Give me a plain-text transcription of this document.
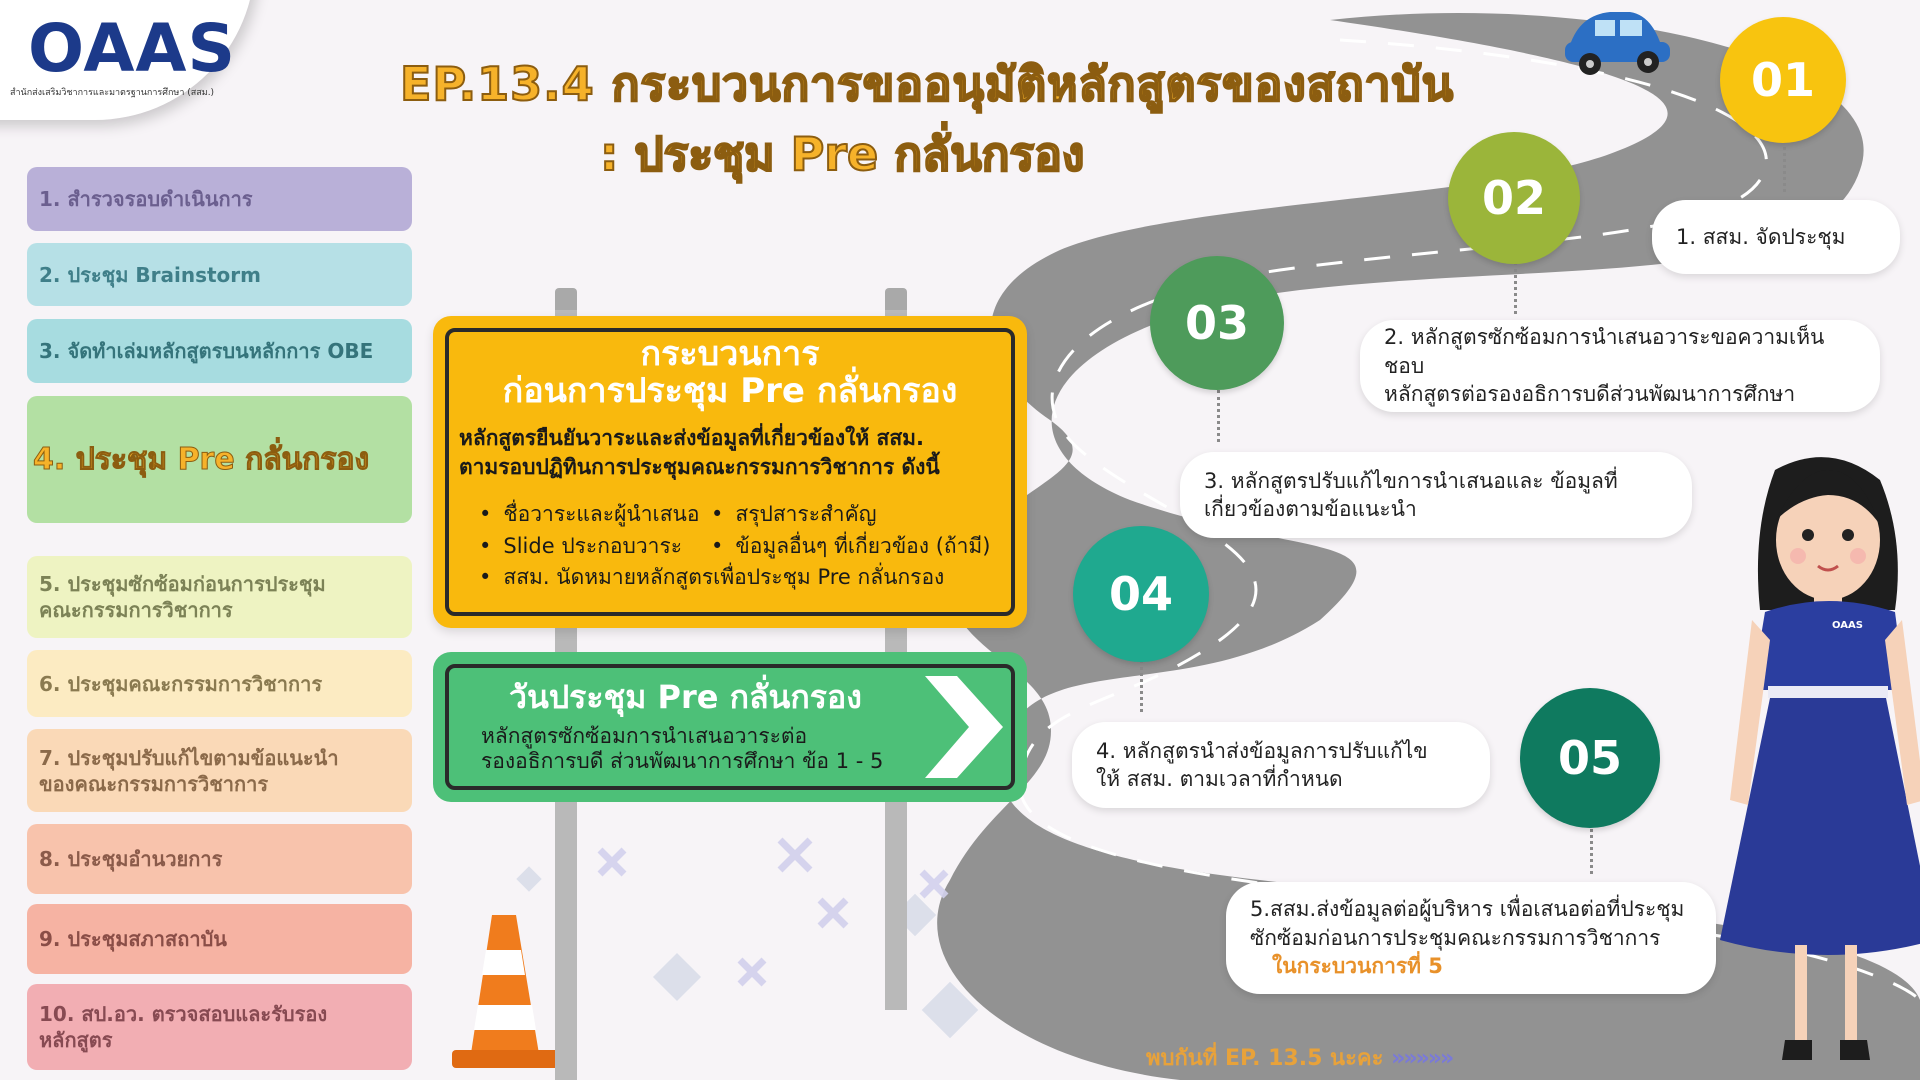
OAAS
สำนักส่งเสริมวิชาการและมาตรฐานการศึกษา (สสม.)	EP.13.4 กระบวนการขออนุมัติหลักสูตรของสถาบัน
: ประชุม Pre กลั่นกรอง
1. สำรวจรอบดำเนินการ
2. ประชุม Brainstorm
3. จัดทำเล่มหลักสูตรบนหลักการ OBE
4. ประชุม Pre กลั่นกรอง
5. ประชุมซักซ้อมก่อนการประชุม
คณะกรรมการวิชาการ
6. ประชุมคณะกรรมการวิชาการ
7. ประชุมปรับแก้ไขตามข้อแนะนำ
ของคณะกรรมการวิชาการ
8. ประชุมอำนวยการ
9. ประชุมสภาสถาบัน
10. สป.อว. ตรวจสอบและรับรอง
หลักสูตร
กระบวนการ
ก่อนการประชุม Pre กลั่นกรอง
หลักสูตรยืนยันวาระและส่งข้อมูลที่เกี่ยวข้องให้ สสม.
ตามรอบปฏิทินการประชุมคณะกรรมการวิชาการ ดังนี้
• ชื่อวาระและผู้นำเสนอ	• สรุปสาระสำคัญ
• Slide ประกอบวาระ	• ข้อมูลอื่นๆ ที่เกี่ยวข้อง (ถ้ามี)
• สสม. นัดหมายหลักสูตรเพื่อประชุม Pre กลั่นกรอง
วันประชุม Pre กลั่นกรอง
หลักสูตรซักซ้อมการนำเสนอวาระต่อ
รองอธิการบดี ส่วนพัฒนาการศึกษา ข้อ 1 - 5
01
02
03
04
05
1. สสม. จัดประชุม
2. หลักสูตรซักซ้อมการนำเสนอวาระขอความเห็นชอบ
หลักสูตรต่อรองอธิการบดีส่วนพัฒนาการศึกษา
3. หลักสูตรปรับแก้ไขการนำเสนอและ ข้อมูลที่
เกี่ยวข้องตามข้อแนะนำ
4. หลักสูตรนำส่งข้อมูลการปรับแก้ไข
ให้ สสม. ตามเวลาที่กำหนด
5.สสม.ส่งข้อมูลต่อผู้บริหาร เพื่อเสนอต่อที่ประชุม
ซักซ้อมก่อนการประชุมคณะกรรมการวิชาการ
ในกระบวนการที่ 5
OAAS
พบกันที่ EP. 13.5 นะคะ »»»»»
